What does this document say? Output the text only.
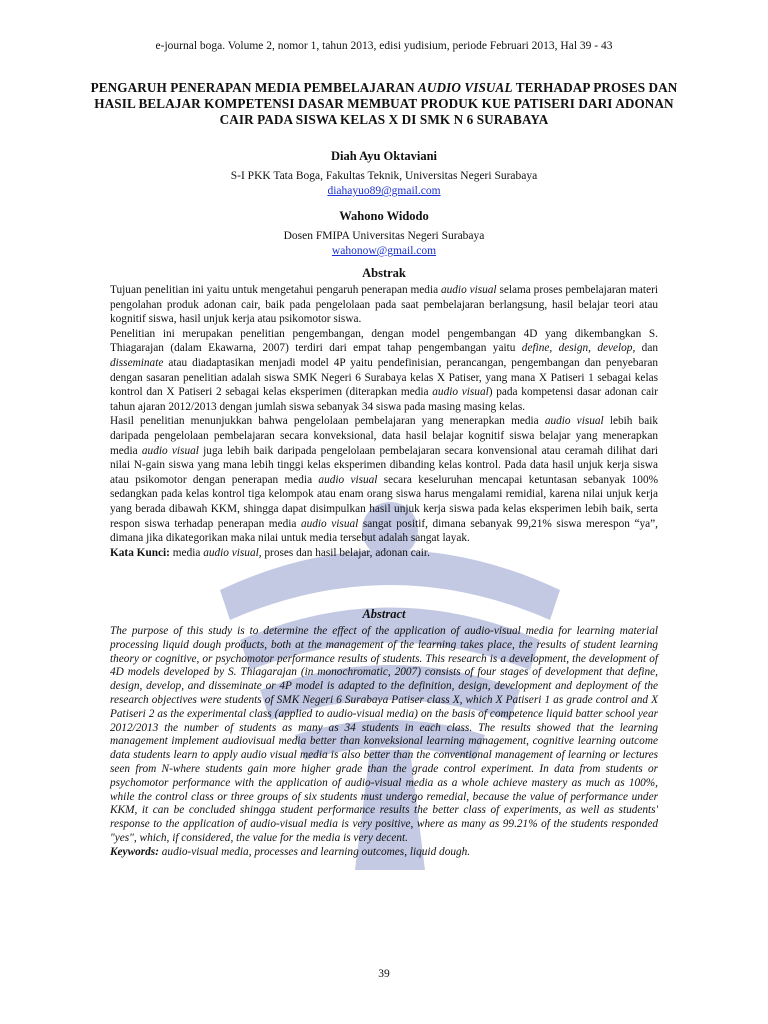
e-journal boga. Volume 2, nomor 1, tahun 2013, edisi yudisium, periode Februari 2013, Hal 39 - 43
PENGARUH PENERAPAN MEDIA PEMBELAJARAN AUDIO VISUAL TERHADAP PROSES DAN HASIL BELAJAR KOMPETENSI DASAR MEMBUAT PRODUK KUE PATISERI DARI ADONAN CAIR PADA SISWA KELAS X DI SMK N 6 SURABAYA
Diah Ayu Oktaviani
S-I PKK Tata Boga, Fakultas Teknik, Universitas Negeri Surabaya
diahayuo89@gmail.com
Wahono Widodo
Dosen FMIPA Universitas Negeri Surabaya
wahonow@gmail.com
Abstrak

Tujuan penelitian ini yaitu untuk mengetahui pengaruh penerapan media audio visual selama proses pembelajaran materi pengolahan produk adonan cair, baik pada pengelolaan pada saat pembelajaran berlangsung, hasil belajar teori atau kognitif siswa, hasil unjuk kerja atau psikomotor siswa.

Penelitian ini merupakan penelitian pengembangan, dengan model pengembangan 4D yang dikembangkan S. Thiagarajan (dalam Ekawarna, 2007) terdiri dari empat tahap pengembangan yaitu define, design, develop, dan disseminate atau diadaptasikan menjadi model 4P yaitu pendefinisian, perancangan, pengembangan dan penyebaran dengan sasaran penelitian adalah siswa SMK Negeri 6 Surabaya kelas X Patiser, yang mana X Patiseri 1 sebagai kelas kontrol dan X Patiseri 2 sebagai kelas eksperimen (diterapkan media audio visual) pada kompetensi dasar adonan cair tahun ajaran 2012/2013 dengan jumlah siswa sebanyak 34 siswa pada masing masing kelas.

Hasil penelitian menunjukkan bahwa pengelolaan pembelajaran yang menerapkan media audio visual lebih baik daripada pengelolaan pembelajaran secara konveksional, data hasil belajar kognitif siswa belajar yang menerapkan media audio visual juga lebih baik daripada pengelolaan pembelajaran secara konvensional atau ceramah dilihat dari nilai N-gain siswa yang mana lebih tinggi kelas eksperimen dibanding kelas kontrol. Pada data hasil unjuk kerja siswa atau psikomotor dengan penerapan media audio visual secara keseluruhan mencapai ketuntasan sebanyak 100% sedangkan pada kelas kontrol tiga kelompok atau enam orang siswa harus mengalami remidial, karena nilai unjuk kerja yang berada dibawah KKM, shingga dapat disimpulkan hasil unjuk kerja siswa pada kelas eksperimen lebih baik, serta respon siswa terhadap penerapan media audio visual sangat positif, dimana sebanyak 99,21% siswa merespon “ya”, dimana jika dikategorikan maka nilai untuk media tersebut adalah sangat layak.

Kata Kunci: media audio visual, proses dan hasil belajar, adonan cair.

Abstract

The purpose of this study is to determine the effect of the application of audio-visual media for learning material processing liquid dough products, both at the management of the learning takes place, the results of student learning theory or cognitive, or psychomotor performance results of students. This research is a development, the development of 4D models developed by S. Thiagarajan (in monochromatic, 2007) consists of four stages of development that define, design, develop, and disseminate or 4P model is adapted to the definition, design, development and deployment of the research objectives were students of SMK Negeri 6 Surabaya Patiser class X, which X Patiseri 1 as grade control and X Patiseri 2 as the experimental class (applied to audio-visual media) on the basis of competence liquid batter school year 2012/2013 the number of students as many as 34 students in each class. The results showed that the learning management implement audiovisual media better than konveksional learning management, cognitive learning outcome data students learn to apply audio visual media is also better than the conventional management of learning or lectures seen from N-where students gain more higher grade than the grade control experiment. In data from students or psychomotor performance with the application of audio-visual media as a whole achieve mastery as much as 100%, while the control class or three groups of six students must undergo remedial, because the value of performance under KKM, it can be concluded shingga student performance results the better class of experiments, as well as students' response to the application of audio-visual media is very positive, where as many as 99.21% of the students responded "yes", which, if considered, the value for the media is very decent.

Keywords: audio-visual media, processes and learning outcomes, liquid dough.

39
